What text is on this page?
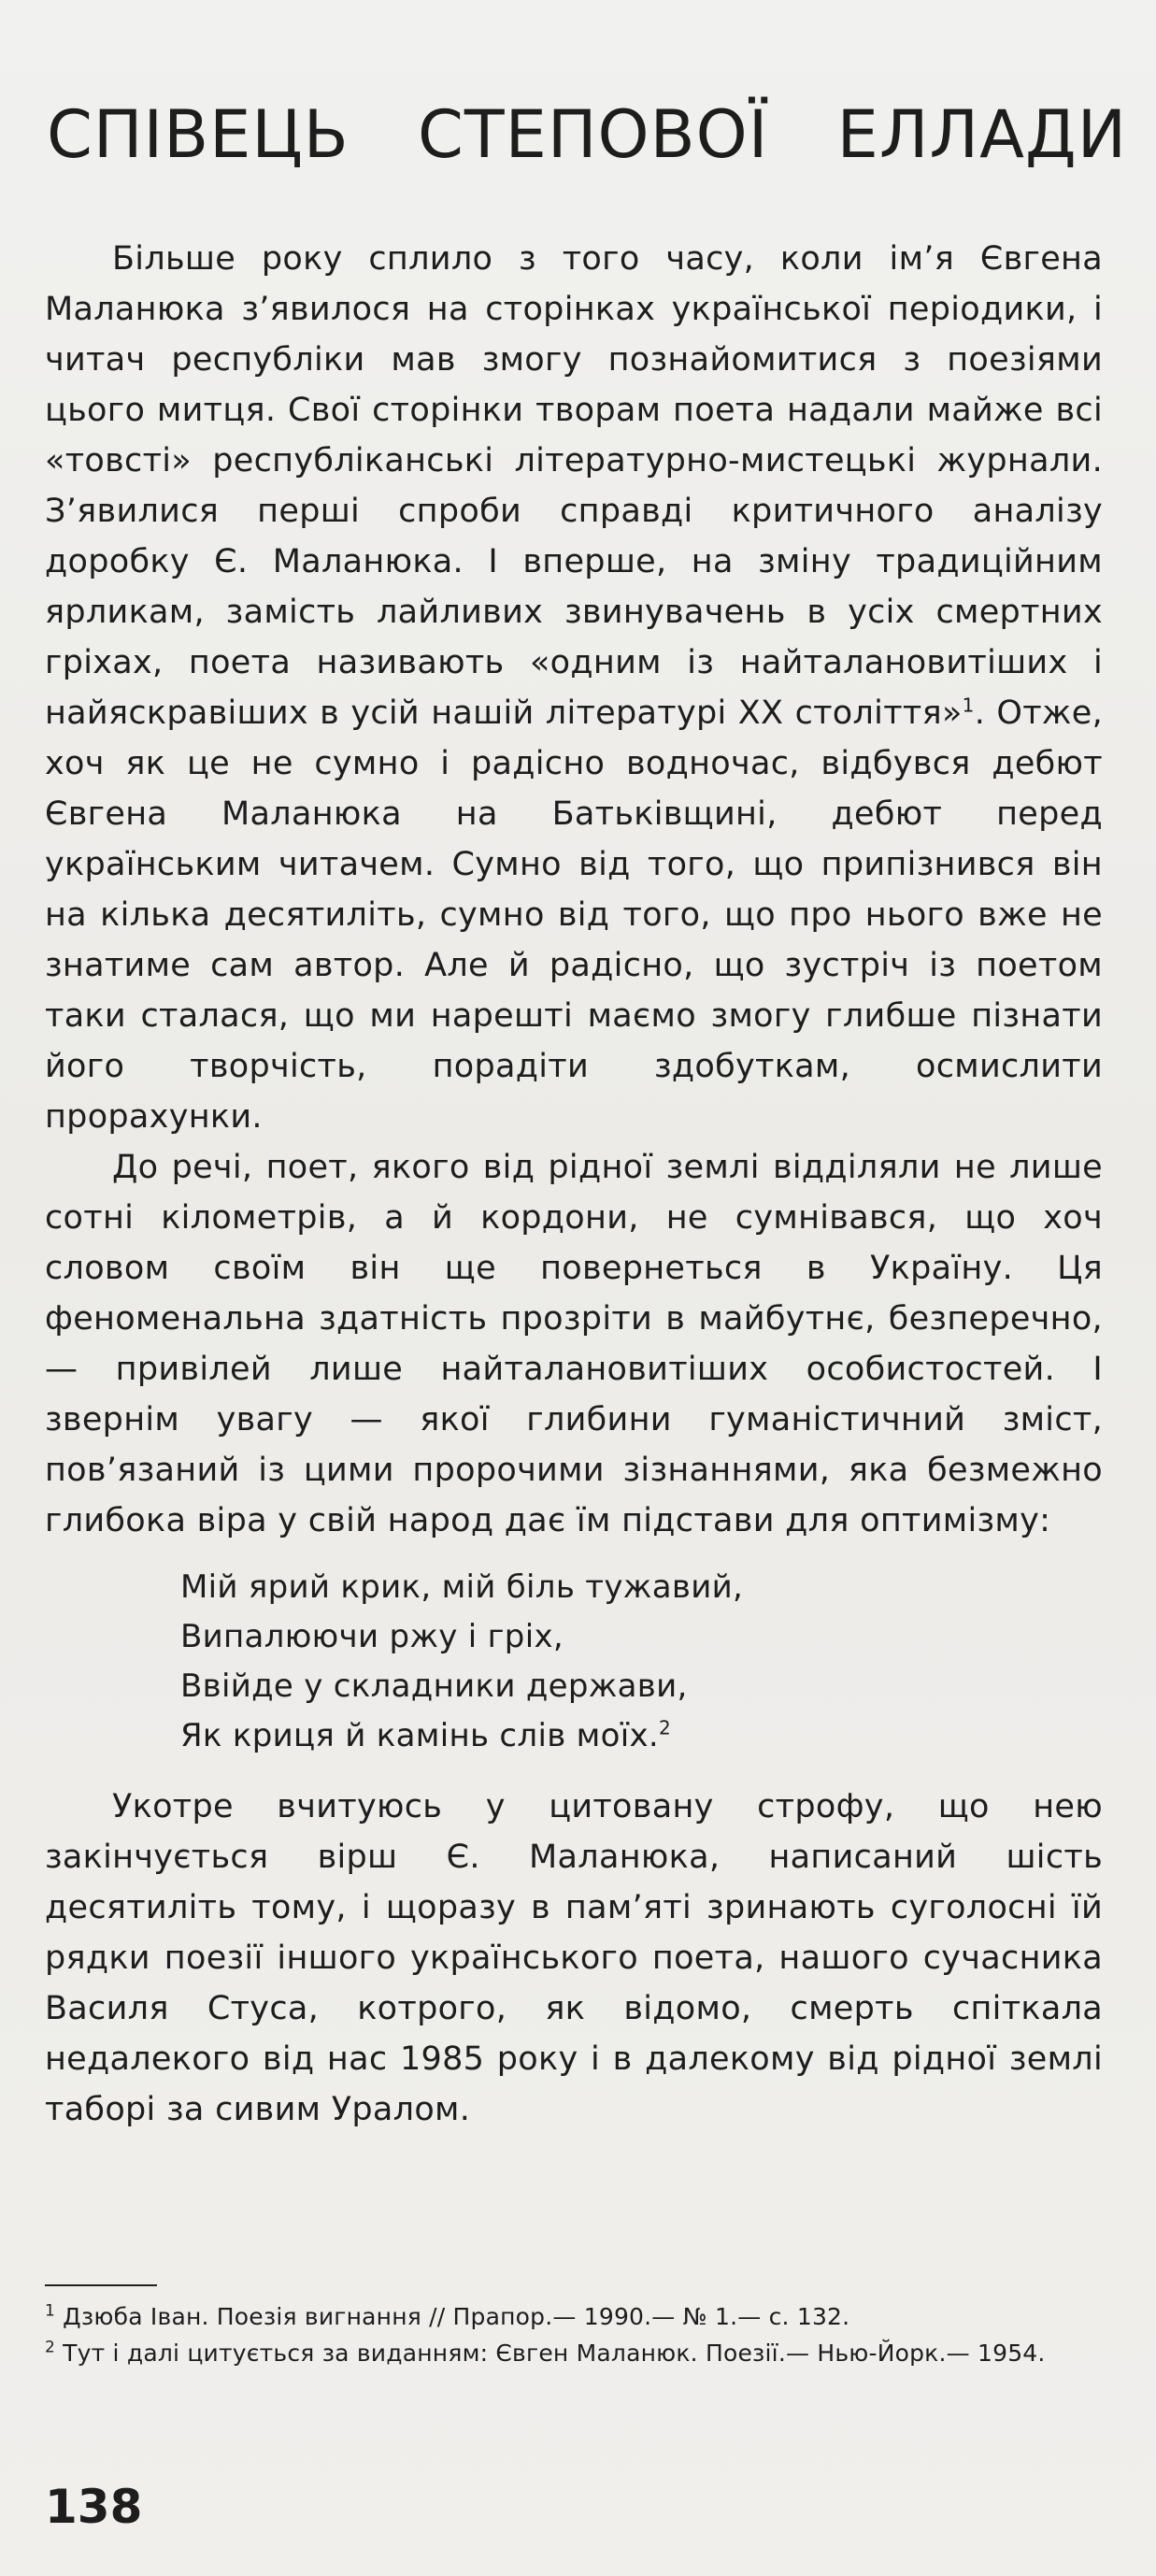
СПІВЕЦЬ СТЕПОВОЇ ЕЛЛАДИ

Більше року сплило з того часу, коли ім’я Євгена Маланюка з’явилося на сторінках української періодики, і читач республіки мав змогу познайомитися з поезіями цього митця. Свої сторінки творам поета надали майже всі «товсті» республіканські літературно-мистецькі журнали. З’явилися перші спроби справді критичного аналізу доробку Є. Маланюка. І вперше, на зміну традиційним ярликам, замість лайливих звинувачень в усіх смертних гріхах, поета називають «одним із найталановитіших і найяскравіших в усій нашій літературі XX століття»$^1$. Отже, хоч як це не сумно і радісно водночас, відбувся дебют Євгена Маланюка на Батьківщині, дебют перед українським читачем. Сумно від того, що припізнився він на кілька десятиліть, сумно від того, що про нього вже не знатиме сам автор. Але й радісно, що зустріч із поетом таки сталася, що ми нарешті маємо змогу глибше пізнати його творчість, порадіти здобуткам, осмислити прорахунки.

До речі, поет, якого від рідної землі відділяли не лише сотні кілометрів, а й кордони, не сумнівався, що хоч словом своїм він ще повернеться в Україну. Ця феноменальна здатність прозріти в майбутнє, безперечно,— привілей лише найталановитіших особистостей. І звернім увагу — якої глибини гуманістичний зміст, пов’язаний із цими пророчими зізнаннями, яка безмежно глибока віра у свій народ дає їм підстави для оптимізму:

Мій ярий крик, мій біль тужавий,
Випалюючи ржу і гріх,
Ввійде у складники держави,
Як криця й камінь слів моїх.$^2$

Укотре вчитуюсь у цитовану строфу, що нею закінчується вірш Є. Маланюка, написаний шість десятиліть тому, і щоразу в пам’яті зринають суголосні їй рядки поезії іншого українського поета, нашого сучасника Василя Стуса, котрого, як відомо, смерть спіткала недалекого від нас 1985 року і в далекому від рідної землі таборі за сивим Уралом.

$^1$ Дзюба Іван. Поезія вигнання // Прапор.— 1990.— № 1.— с. 132.

$^2$ Тут і далі цитується за виданням: Євген Маланюк. Поезії.— Нью-Йорк.— 1954.

138
